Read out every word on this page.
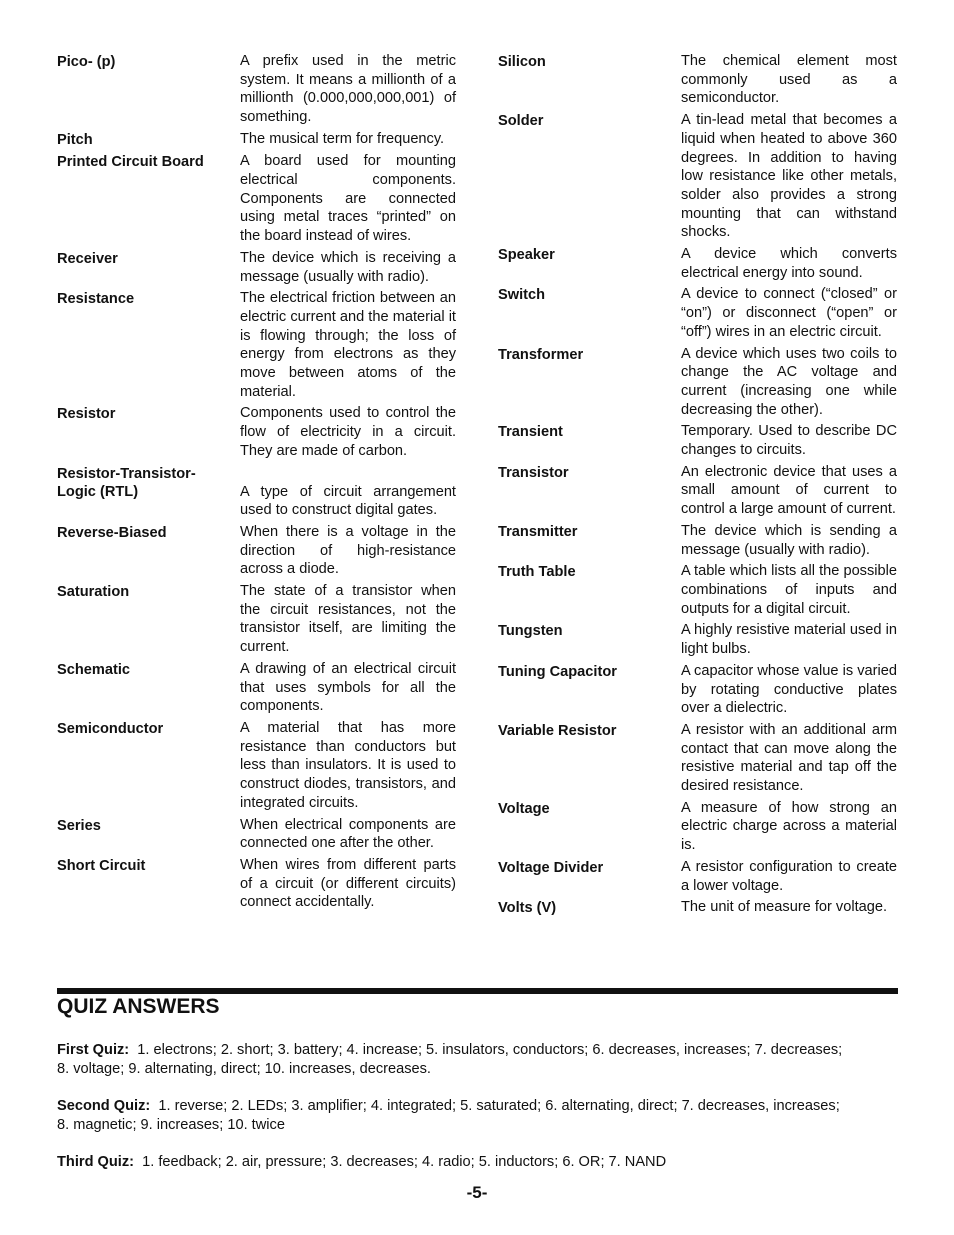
Pico- (p)	A prefix used in the metric system. It means a millionth of a millionth (0.000,000,000,001) of something.
Pitch	The musical term for frequency.
Printed Circuit Board	A board used for mounting electrical components. Components are connected using metal traces “printed” on the board instead of wires.
Receiver	The device which is receiving a message (usually with radio).
Resistance	The electrical friction between an electric current and the material it is flowing through; the loss of energy from electrons as they move between atoms of the material.
Resistor	Components used to control the flow of electricity in a circuit. They are made of carbon.
Resistor-Transistor-Logic (RTL)	A type of circuit arrangement used to construct digital gates.
Reverse-Biased	When there is a voltage in the direction of high-resistance across a diode.
Saturation	The state of a transistor when the circuit resistances, not the transistor itself, are limiting the current.
Schematic	A drawing of an electrical circuit that uses symbols for all the components.
Semiconductor	A material that has more resistance than conductors but less than insulators. It is used to construct diodes, transistors, and integrated circuits.
Series	When electrical components are connected one after the other.
Short Circuit	When wires from different parts of a circuit (or different circuits) connect accidentally.
Silicon	The chemical element most commonly used as a semiconductor.
Solder	A tin-lead metal that becomes a liquid when heated to above 360 degrees. In addition to having low resistance like other metals, solder also provides a strong mounting that can withstand shocks.
Speaker	A device which converts electrical energy into sound.
Switch	A device to connect (“closed” or “on”) or disconnect (“open” or “off”) wires in an electric circuit.
Transformer	A device which uses two coils to change the AC voltage and current (increasing one while decreasing the other).
Transient	Temporary. Used to describe DC changes to circuits.
Transistor	An electronic device that uses a small amount of current to control a large amount of current.
Transmitter	The device which is sending a message (usually with radio).
Truth Table	A table which lists all the possible combinations of inputs and outputs for a digital circuit.
Tungsten	A highly resistive material used in light bulbs.
Tuning Capacitor	A capacitor whose value is varied by rotating conductive plates over a dielectric.
Variable Resistor	A resistor with an additional arm contact that can move along the resistive material and tap off the desired resistance.
Voltage	A measure of how strong an electric charge across a material is.
Voltage Divider	A resistor configuration to create a lower voltage.
Volts (V)	The unit of measure for voltage.
QUIZ ANSWERS
First Quiz: 1. electrons; 2. short; 3. battery; 4. increase; 5. insulators, conductors; 6. decreases, increases; 7. decreases;
8. voltage; 9. alternating, direct; 10. increases, decreases.
Second Quiz: 1. reverse; 2. LEDs; 3. amplifier; 4. integrated; 5. saturated; 6. alternating, direct; 7. decreases, increases;
8. magnetic; 9. increases; 10. twice
Third Quiz: 1. feedback; 2. air, pressure; 3. decreases; 4. radio; 5. inductors; 6. OR; 7. NAND
-5-
